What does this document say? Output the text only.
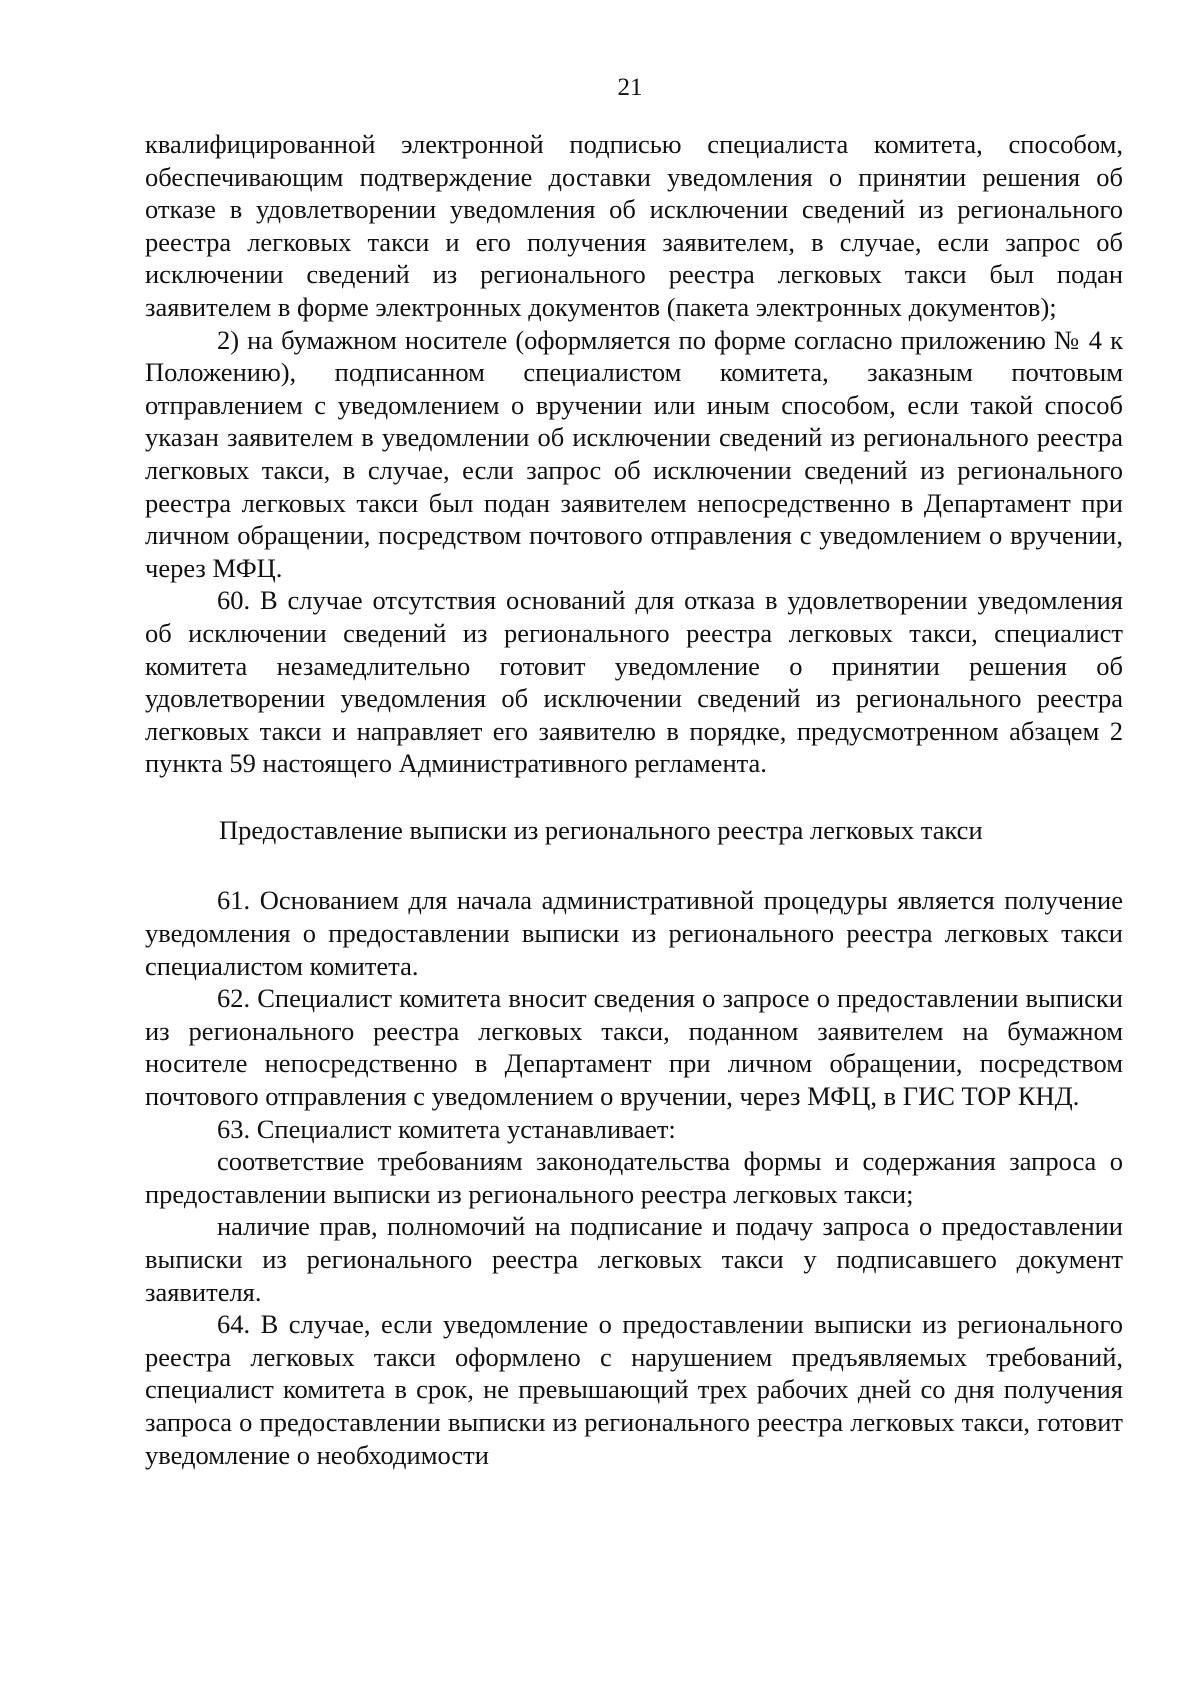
21

квалифицированной электронной подписью специалиста комитета, способом, обеспечивающим подтверждение доставки уведомления о принятии решения об отказе в удовлетворении уведомления об исключении сведений из регионального реестра легковых такси и его получения заявителем, в случае, если запрос об исключении сведений из регионального реестра легковых такси был подан заявителем в форме электронных документов (пакета электронных документов);

2) на бумажном носителе (оформляется по форме согласно приложению № 4 к Положению), подписанном специалистом комитета, заказным почтовым отправлением с уведомлением о вручении или иным способом, если такой способ указан заявителем в уведомлении об исключении сведений из регионального реестра легковых такси, в случае, если запрос об исключении сведений из регионального реестра легковых такси был подан заявителем непосредственно в Департамент при личном обращении, посредством почтового отправления с уведомлением о вручении, через МФЦ.

60. В случае отсутствия оснований для отказа в удовлетворении уведомления об исключении сведений из регионального реестра легковых такси, специалист комитета незамедлительно готовит уведомление о принятии решения об удовлетворении уведомления об исключении сведений из регионального реестра легковых такси и направляет его заявителю в порядке, предусмотренном абзацем 2 пункта 59 настоящего Административного регламента.

Предоставление выписки из регионального реестра легковых такси

61. Основанием для начала административной процедуры является получение уведомления о предоставлении выписки из регионального реестра легковых такси специалистом комитета.

62. Специалист комитета вносит сведения о запросе о предоставлении выписки из регионального реестра легковых такси, поданном заявителем на бумажном носителе непосредственно в Департамент при личном обращении, посредством почтового отправления с уведомлением о вручении, через МФЦ, в ГИС ТОР КНД.

63. Специалист комитета устанавливает:

соответствие требованиям законодательства формы и содержания запроса о предоставлении выписки из регионального реестра легковых такси;

наличие прав, полномочий на подписание и подачу запроса о предоставлении выписки из регионального реестра легковых такси у подписавшего документ заявителя.

64. В случае, если уведомление о предоставлении выписки из регионального реестра легковых такси оформлено с нарушением предъявляемых требований, специалист комитета в срок, не превышающий трех рабочих дней со дня получения запроса о предоставлении выписки из регионального реестра легковых такси, готовит уведомление о необходимости
